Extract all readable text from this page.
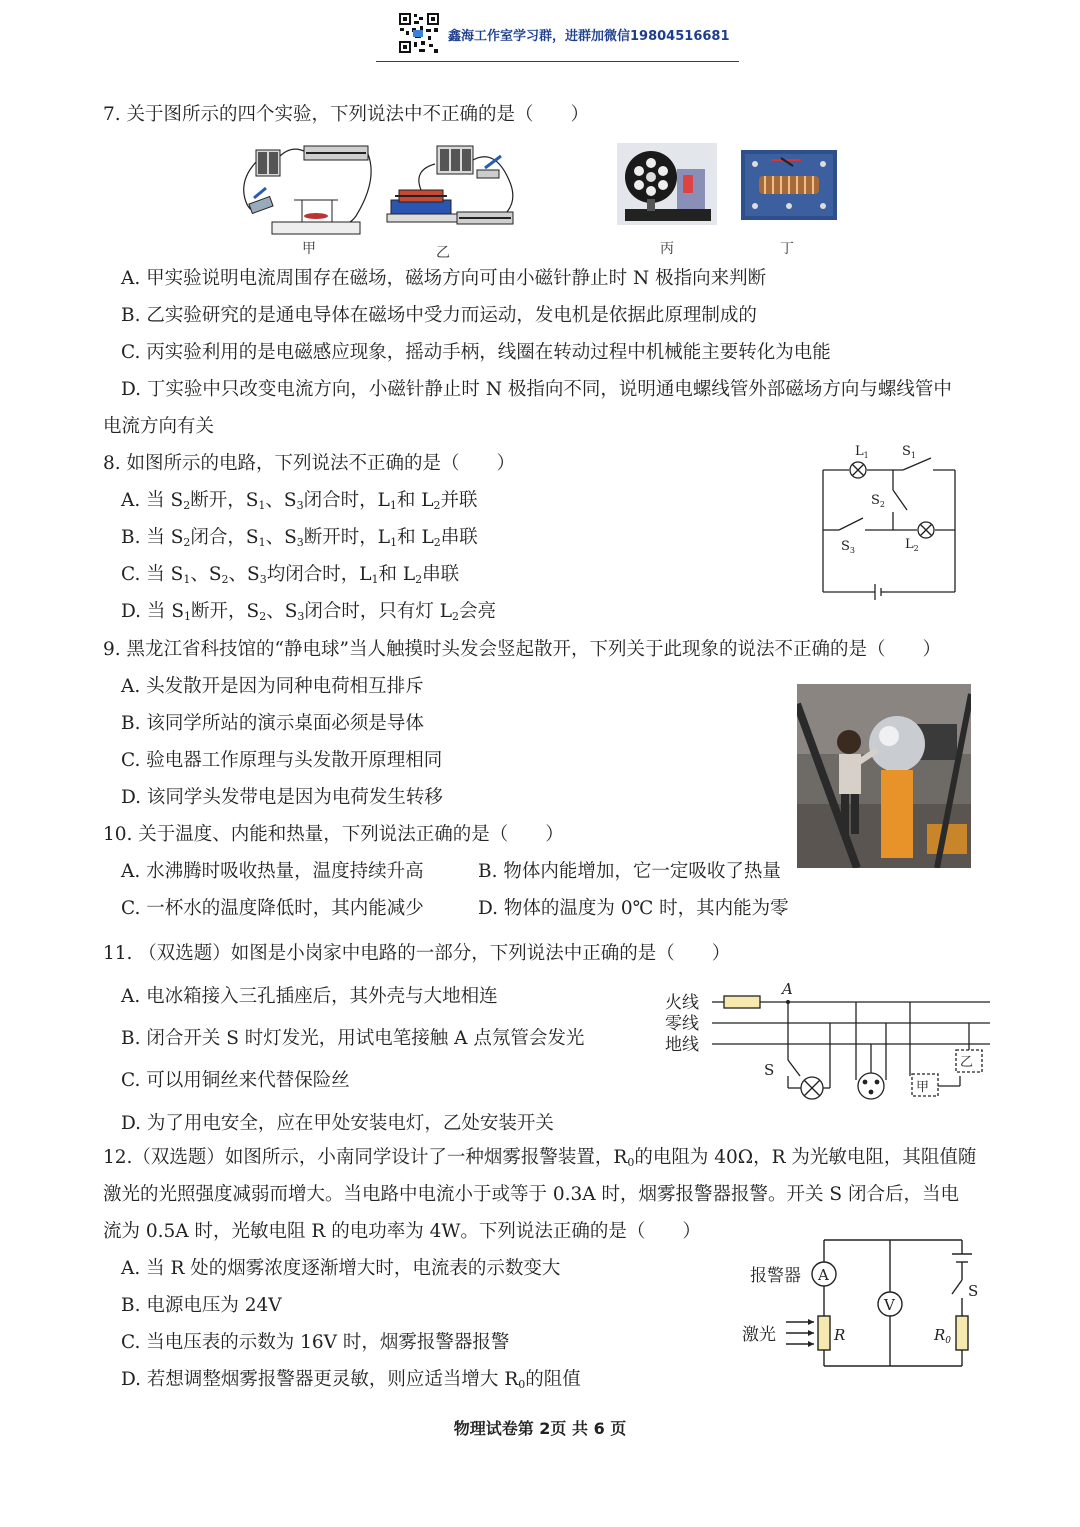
鑫海工作室学习群，进群加微信19804516681
7. 关于图所示的四个实验，下列说法中不正确的是（　　）
甲	乙	丙	丁
A. 甲实验说明电流周围存在磁场，磁场方向可由小磁针静止时 N 极指向来判断
B. 乙实验研究的是通电导体在磁场中受力而运动，发电机是依据此原理制成的
C. 丙实验利用的是电磁感应现象，摇动手柄，线圈在转动过程中机械能主要转化为电能
D. 丁实验中只改变电流方向，小磁针静止时 N 极指向不同，说明通电螺线管外部磁场方向与螺线管中
电流方向有关
8. 如图所示的电路，下列说法不正确的是（　　）
A. 当 $S_2$断开，$S_1$、$S_3$闭合时，$L_1$和 $L_2$并联
B. 当 $S_2$闭合，$S_1$、$S_3$断开时，$L_1$和 $L_2$串联
C. 当 $S_1$、$S_2$、$S_3$均闭合时，$L_1$和 $L_2$串联
D. 当 $S_1$断开，$S_2$、$S_3$闭合时，只有灯 $L_2$会亮
$L_1$	$S_1$
$S_2$
$S_3$	$L_2$
9. 黑龙江省科技馆的“静电球”当人触摸时头发会竖起散开，下列关于此现象的说法不正确的是（　　）
A. 头发散开是因为同种电荷相互排斥
B. 该同学所站的演示桌面必须是导体
C. 验电器工作原理与头发散开原理相同
D. 该同学头发带电是因为电荷发生转移
10. 关于温度、内能和热量，下列说法正确的是（　　）
A. 水沸腾时吸收热量，温度持续升高	B. 物体内能增加，它一定吸收了热量
C. 一杯水的温度降低时，其内能减少	D. 物体的温度为 0℃ 时，其内能为零
11. （双选题）如图是小岗家中电路的一部分，下列说法中正确的是（　　）
A. 电冰箱接入三孔插座后，其外壳与大地相连
B. 闭合开关 S 时灯发光，用试电笔接触 A 点氖管会发光
C. 可以用铜丝来代替保险丝
D. 为了用电安全，应在甲处安装电灯，乙处安装开关
火线
零线
地线
A
S
甲
乙
12.（双选题）如图所示，小南同学设计了一种烟雾报警装置，$R_0$的电阻为 40Ω，R 为光敏电阻，其阻值随
激光的光照强度减弱而增大。当电路中电流小于或等于 0.3A 时，烟雾报警器报警。开关 S 闭合后，当电
流为 0.5A 时，光敏电阻 R 的电功率为 4W。下列说法正确的是（　　）
A. 当 R 处的烟雾浓度逐渐增大时，电流表的示数变大
B. 电源电压为 24V
C. 当电压表的示数为 16V 时，烟雾报警器报警
D. 若想调整烟雾报警器更灵敏，则应适当增大 $R_0$的阻值
报警器
激光
A
V
R	$R_0$
S
物理试卷第 2页 共 6 页
